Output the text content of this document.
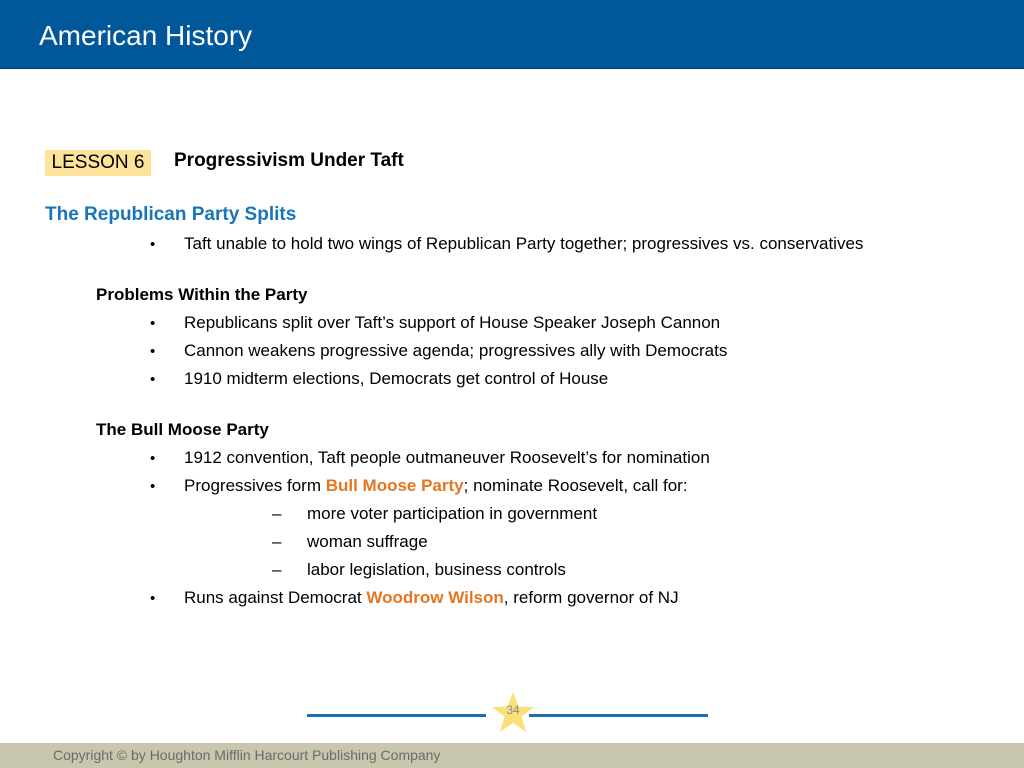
American History
LESSON 6	Progressivism Under Taft
The Republican Party Splits
• Taft unable to hold two wings of Republican Party together; progressives vs. conservatives
Problems Within the Party
• Republicans split over Taft’s support of House Speaker Joseph Cannon
• Cannon weakens progressive agenda; progressives ally with Democrats
• 1910 midterm elections, Democrats get control of House
The Bull Moose Party
• 1912 convention, Taft people outmaneuver Roosevelt’s for nomination
• Progressives form Bull Moose Party; nominate Roosevelt, call for:
– more voter participation in government
– woman suffrage
– labor legislation, business controls
• Runs against Democrat Woodrow Wilson, reform governor of NJ
34
Copyright © by Houghton Mifflin Harcourt Publishing Company
